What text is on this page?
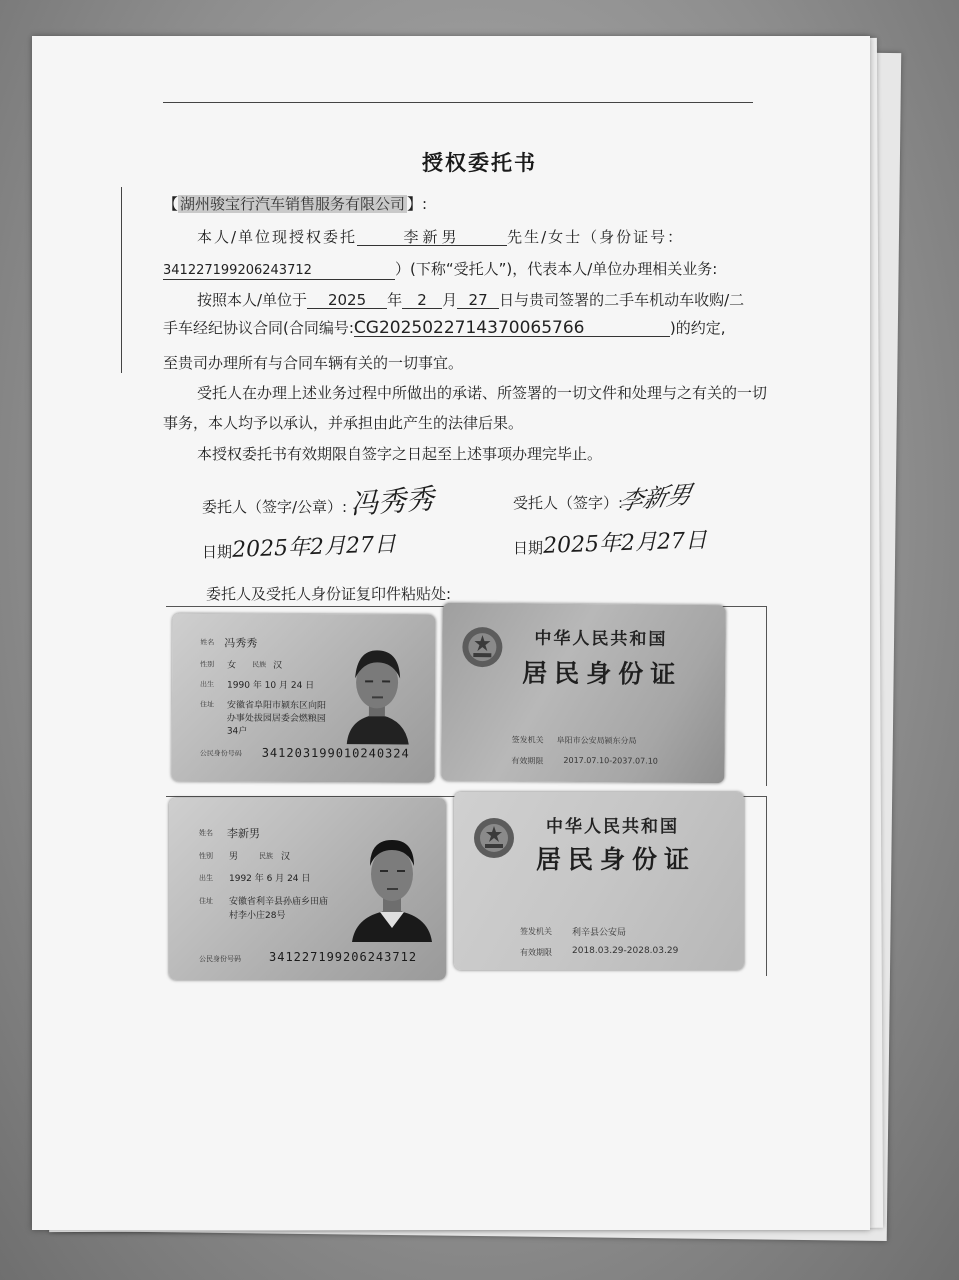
授权委托书
【 湖州骏宝行汽车销售服务有限公司 】:
本人/单位现授权委托	李新男	先生/女士（身份证号：
341227199206243712	）(下称“受托人”)，代表本人/单位办理相关业务:
按照本人/单位于 2025 年 2 月 27 日与贵司签署的二手车机动车收购/二
手车经纪协议合同(合同编号:CG2025022714370065766	)的约定,
至贵司办理所有与合同车辆有关的一切事宜。
受托人在办理上述业务过程中所做出的承诺、所签署的一切文件和处理与之有关的一切
事务，本人均予以承认，并承担由此产生的法律后果。
本授权委托书有效期限自签字之日起至上述事项办理完毕止。
委托人（签字/公章）: 冯秀秀	受托人（签字）:
李新男
日期 2025年2月27日	日期 2025年2月27日
委托人及受托人身份证复印件粘贴处:
姓名 冯秀秀
性别 女 民族 汉
出生 1990 年 10 月 24 日
住址 安徽省阜阳市颍东区向阳
办事处拔园居委会燃粮园
34户
公民身份号码 341203199010240324
中华人民共和国
居民身份证
签发机关 阜阳市公安局颍东分局
有效期限 2017.07.10-2037.07.10
姓名 李新男
性别 男	民族 汉
出生 1992 年 6 月 24 日
住址 安徽省利辛县孙庙乡田庙
村李小庄28号
公民身份号码 341227199206243712
中华人民共和国
居民身份证
签发机关 利辛县公安局
有效期限 2018.03.29-2028.03.29
